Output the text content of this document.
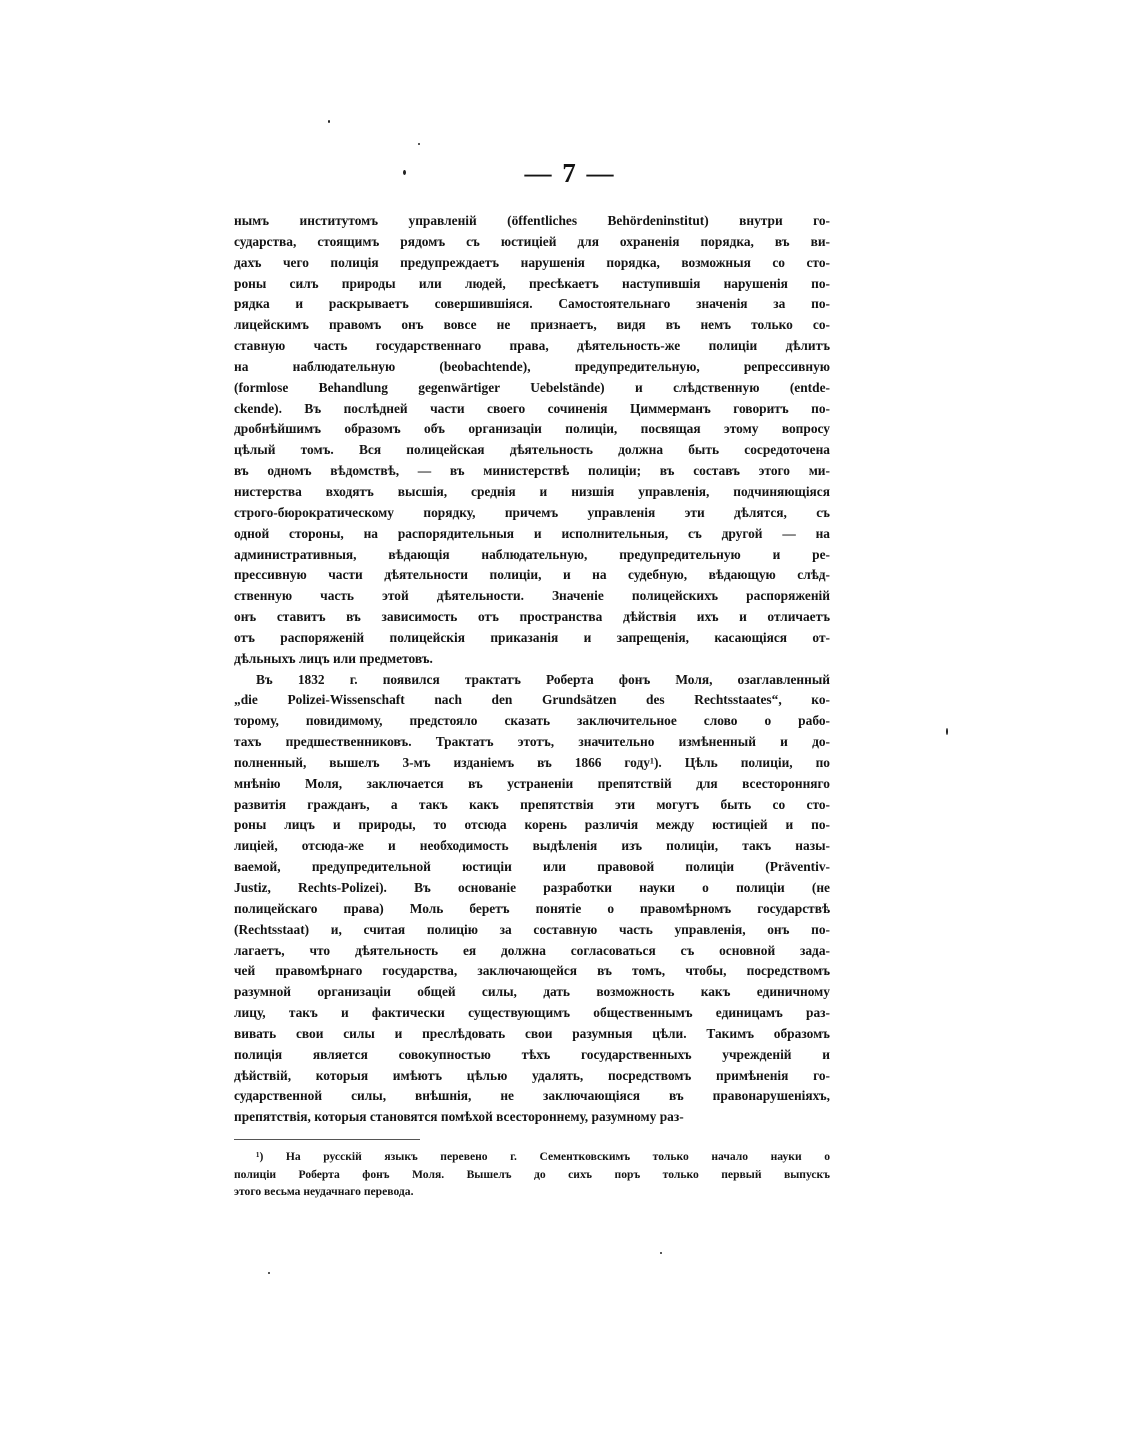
— 7 —
нымъ институтомъ управленій (öffentliches Behördeninstitut) внутри го-
сударства, стоящимъ рядомъ съ юстиціей для охраненія порядка, въ ви-
дахъ чего полиція предупреждаетъ нарушенія порядка, возможныя со сто-
роны силъ природы или людей, пресѣкаетъ наступившія нарушенія по-
рядка и раскрываетъ совершившіяся. Самостоятельнаго значенія за по-
лицейскимъ правомъ онъ вовсе не признаетъ, видя въ немъ только со-
ставную часть государственнаго права, дѣятельность-же полиціи дѣлитъ
на наблюдательную (beobachtende), предупредительную, репрессивную
(formlose Behandlung gegenwärtiger Uebelstände) и слѣдственную (entde-
ckende). Въ послѣдней части своего сочиненія Циммерманъ говоритъ по-
дробнѣйшимъ образомъ объ организаціи полиціи, посвящая этому вопросу
цѣлый томъ. Вся полицейская дѣятельность должна быть сосредоточена
въ одномъ вѣдомствѣ, — въ министерствѣ полиціи; въ составъ этого ми-
нистерства входятъ высшія, среднія и низшія управленія, подчиняющіяся
строго-бюрократическому порядку, причемъ управленія эти дѣлятся, съ
одной стороны, на распорядительныя и исполнительныя, съ другой — на
административныя, вѣдающія наблюдательную, предупредительную и ре-
прессивную части дѣятельности полиціи, и на судебную, вѣдающую слѣд-
ственную часть этой дѣятельности. Значеніе полицейскихъ распоряженій
онъ ставитъ въ зависимость отъ пространства дѣйствія ихъ и отличаетъ
отъ распоряженій полицейскія приказанія и запрещенія, касающіяся от-
дѣльныхъ лицъ или предметовъ.
Въ 1832 г. появился трактатъ Роберта фонъ Моля, озаглавленный
„die Polizei-Wissenschaft nach den Grundsätzen des Rechtsstaates“, ко-
торому, повидимому, предстояло сказать заключительное слово о рабо-
тахъ предшественниковъ. Трактатъ этотъ, значительно измѣненный и до-
полненный, вышелъ 3-мъ изданіемъ въ 1866 году¹). Цѣль полиціи, по
мнѣнію Моля, заключается въ устраненіи препятствій для всесторонняго
развитія гражданъ, а такъ какъ препятствія эти могутъ быть со сто-
роны лицъ и природы, то отсюда корень различія между юстиціей и по-
лиціей, отсюда-же и необходимость выдѣленія изъ полиціи, такъ назы-
ваемой, предупредительной юстиціи или правовой полиціи (Präventiv-
Justiz, Rechts-Polizei). Въ основаніе разработки науки о полиціи (не
полицейскаго права) Моль беретъ понятіе о правомѣрномъ государствѣ
(Rechtsstaat) и, считая полицію за составную часть управленія, онъ по-
лагаетъ, что дѣятельность ея должна согласоваться съ основной зада-
чей правомѣрнаго государства, заключающейся въ томъ, чтобы, посредствомъ
разумной организаціи общей силы, дать возможность какъ единичному
лицу, такъ и фактически существующимъ общественнымъ единицамъ раз-
вивать свои силы и преслѣдовать свои разумныя цѣли. Такимъ образомъ
полиція является совокупностью тѣхъ государственныхъ учрежденій и
дѣйствій, которыя имѣютъ цѣлью удалять, посредствомъ примѣненія го-
сударственной силы, внѣшнія, не заключающіяся въ правонарушеніяхъ,
препятствія, которыя становятся помѣхой всестороннему, разумному раз-
¹) На русскій языкъ перевено г. Сементковскимъ только начало науки о
полиціи Роберта фонъ Моля. Вышелъ до сихъ поръ только первый выпускъ
этого весьма неудачнаго перевода.
